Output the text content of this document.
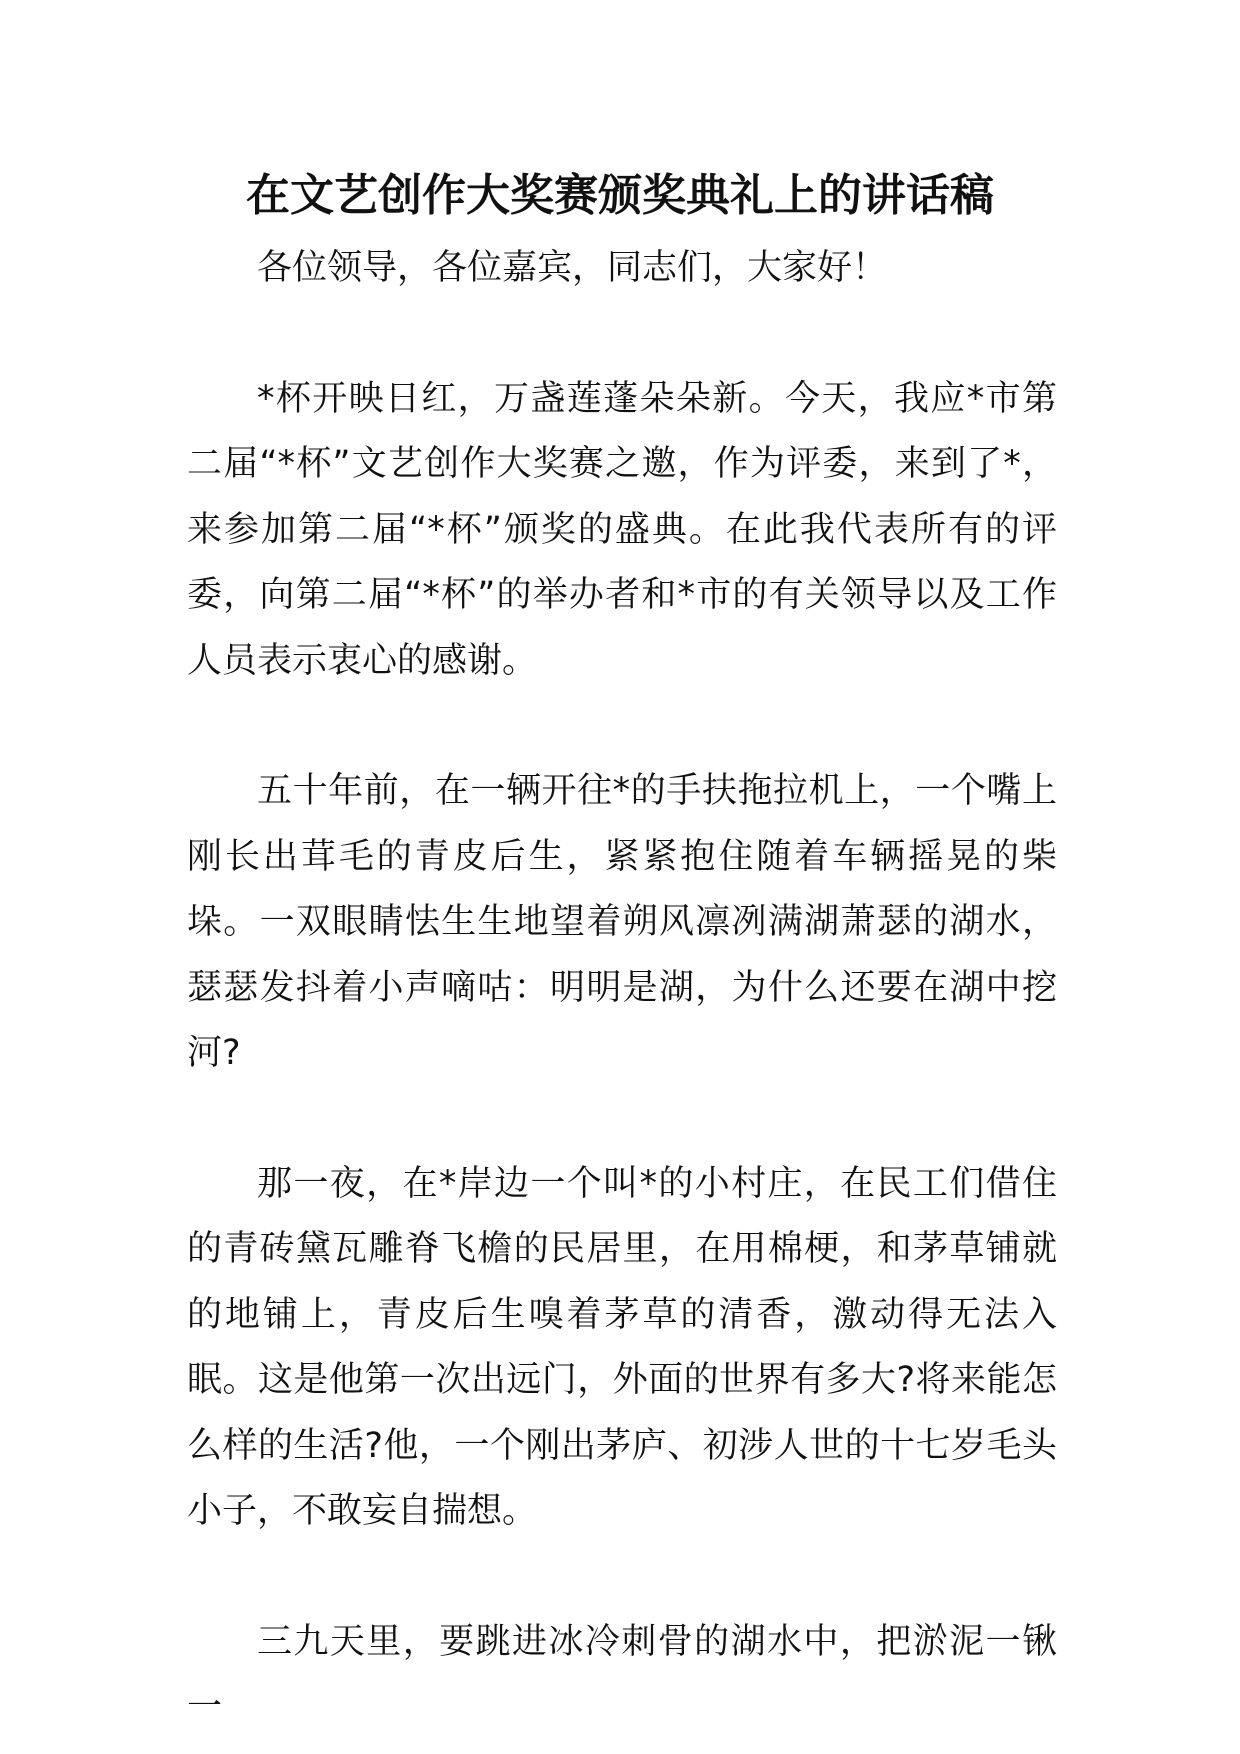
在文艺创作大奖赛颁奖典礼上的讲话稿

各位领导，各位嘉宾，同志们，大家好！

*杯开映日红，万盏莲蓬朵朵新。今天，我应*市第二届“*杯”文艺创作大奖赛之邀，作为评委，来到了*，来参加第二届“*杯”颁奖的盛典。在此我代表所有的评委，向第二届“*杯”的举办者和*市的有关领导以及工作人员表示衷心的感谢。

五十年前，在一辆开往*的手扶拖拉机上，一个嘴上刚长出茸毛的青皮后生，紧紧抱住随着车辆摇晃的柴垛。一双眼睛怯生生地望着朔风凛冽满湖萧瑟的湖水，瑟瑟发抖着小声嘀咕：明明是湖，为什么还要在湖中挖河?

那一夜，在*岸边一个叫*的小村庄，在民工们借住的青砖黛瓦雕脊飞檐的民居里，在用棉梗，和茅草铺就的地铺上，青皮后生嗅着茅草的清香，激动得无法入眠。这是他第一次出远门，外面的世界有多大?将来能怎么样的生活?他，一个刚出茅庐、初涉人世的十七岁毛头小子，不敢妄自揣想。

三九天里，要跳进冰冷刺骨的湖水中，把淤泥一锹一
